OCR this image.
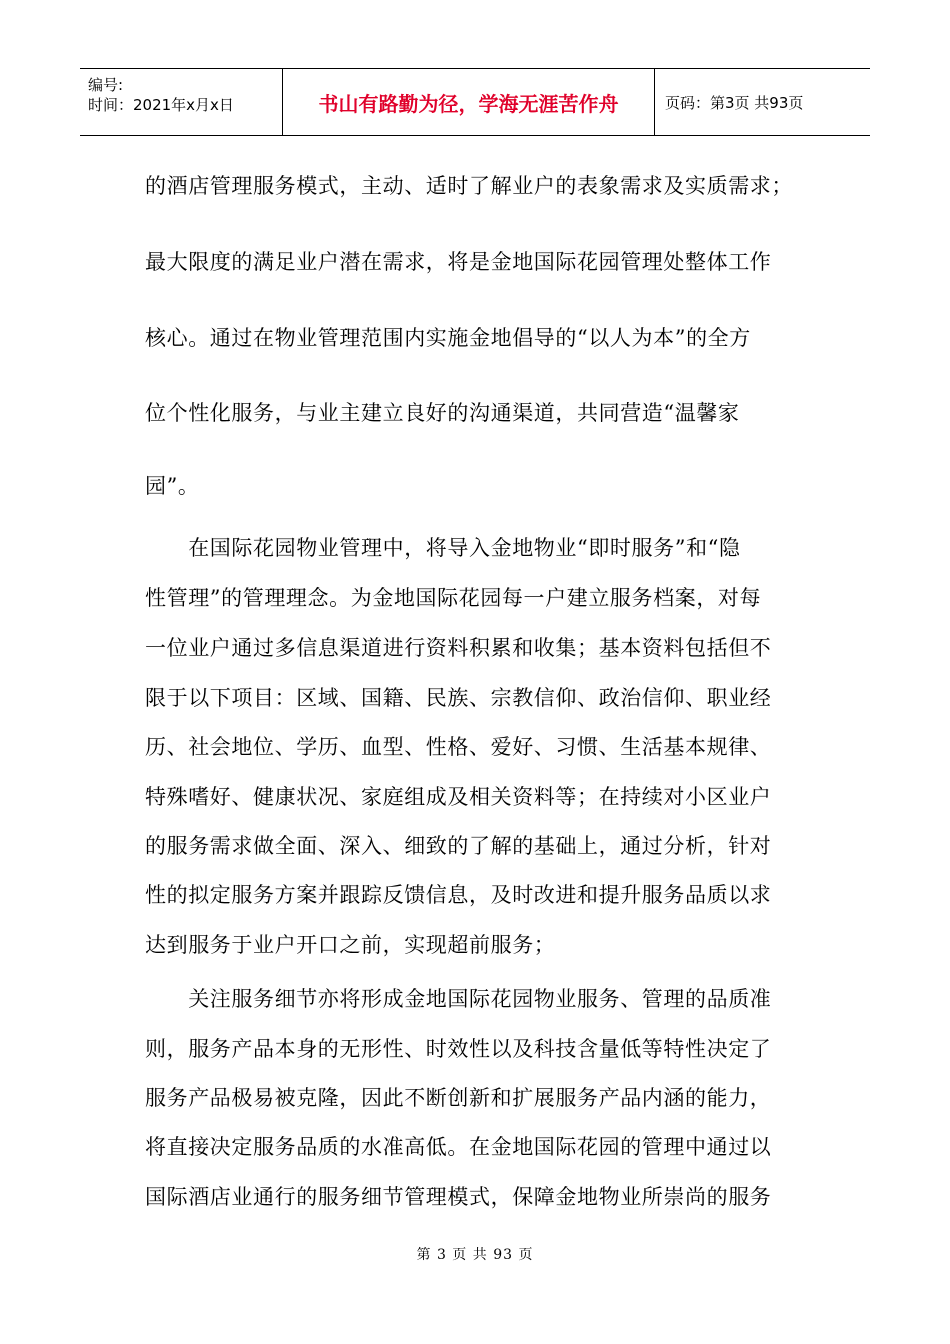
编号:
时间：2021年x月x日	书山有路勤为径，学海无涯苦作舟	页码：第3页 共93页
的酒店管理服务模式，主动、适时了解业户的表象需求及实质需求；
最大限度的满足业户潜在需求，将是金地国际花园管理处整体工作
核心。通过在物业管理范围内实施金地倡导的“以人为本”的全方
位个性化服务，与业主建立良好的沟通渠道，共同营造“温馨家
园”。
　　在国际花园物业管理中，将导入金地物业“即时服务”和“隐
性管理”的管理理念。为金地国际花园每一户建立服务档案，对每
一位业户通过多信息渠道进行资料积累和收集；基本资料包括但不
限于以下项目：区域、国籍、民族、宗教信仰、政治信仰、职业经
历、社会地位、学历、血型、性格、爱好、习惯、生活基本规律、
特殊嗜好、健康状况、家庭组成及相关资料等；在持续对小区业户
的服务需求做全面、深入、细致的了解的基础上，通过分析，针对
性的拟定服务方案并跟踪反馈信息，及时改进和提升服务品质以求
达到服务于业户开口之前，实现超前服务；
　　关注服务细节亦将形成金地国际花园物业服务、管理的品质准
则，服务产品本身的无形性、时效性以及科技含量低等特性决定了
服务产品极易被克隆，因此不断创新和扩展服务产品内涵的能力，
将直接决定服务品质的水准高低。在金地国际花园的管理中通过以
国际酒店业通行的服务细节管理模式，保障金地物业所崇尚的服务
第 3 页 共 93 页
